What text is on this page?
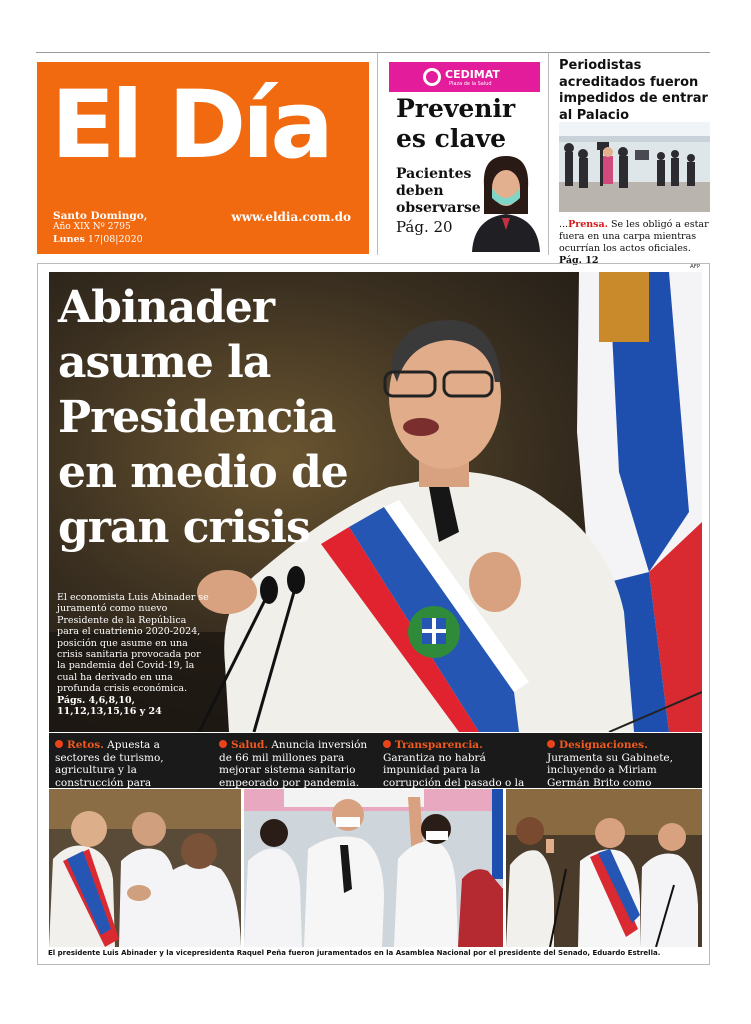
El Día
Santo Domingo,
Año XIX Nº 2795
Lunes 17|08|2020
www.eldia.com.do
CEDIMAT
Plaza de la Salud
Prevenir es clave
Pacientes deben observarse
Pág. 20
Periodistas acreditados fueron impedidos de entrar al Palacio
...Prensa. Se les obligó a estar fuera en una carpa mientras ocurrían los actos oficiales. Pág. 12
AFP
Abinader asume la Presidencia en medio de gran crisis
El economista Luis Abinader se juramentó como nuevo Presidente de la República para el cuatrienio 2020-2024, posición que asume en una crisis sanitaria provocada por la pandemia del Covid-19, la cual ha derivado en una profunda crisis económica. Págs. 4,6,8,10, 11,12,13,15,16 y 24
Retos. Apuesta a sectores de turismo, agricultura y la construcción para
Salud. Anuncia inversión de 66 mil millones para mejorar sistema sanitario empeorado por pandemia.
Transparencia. Garantiza no habrá impunidad para la corrupción del pasado o la
Designaciones. Juramenta su Gabinete, incluyendo a Miriam Germán Brito como
El presidente Luis Abinader y la vicepresidenta Raquel Peña fueron juramentados en la Asamblea Nacional por el presidente del Senado, Eduardo Estrella.
